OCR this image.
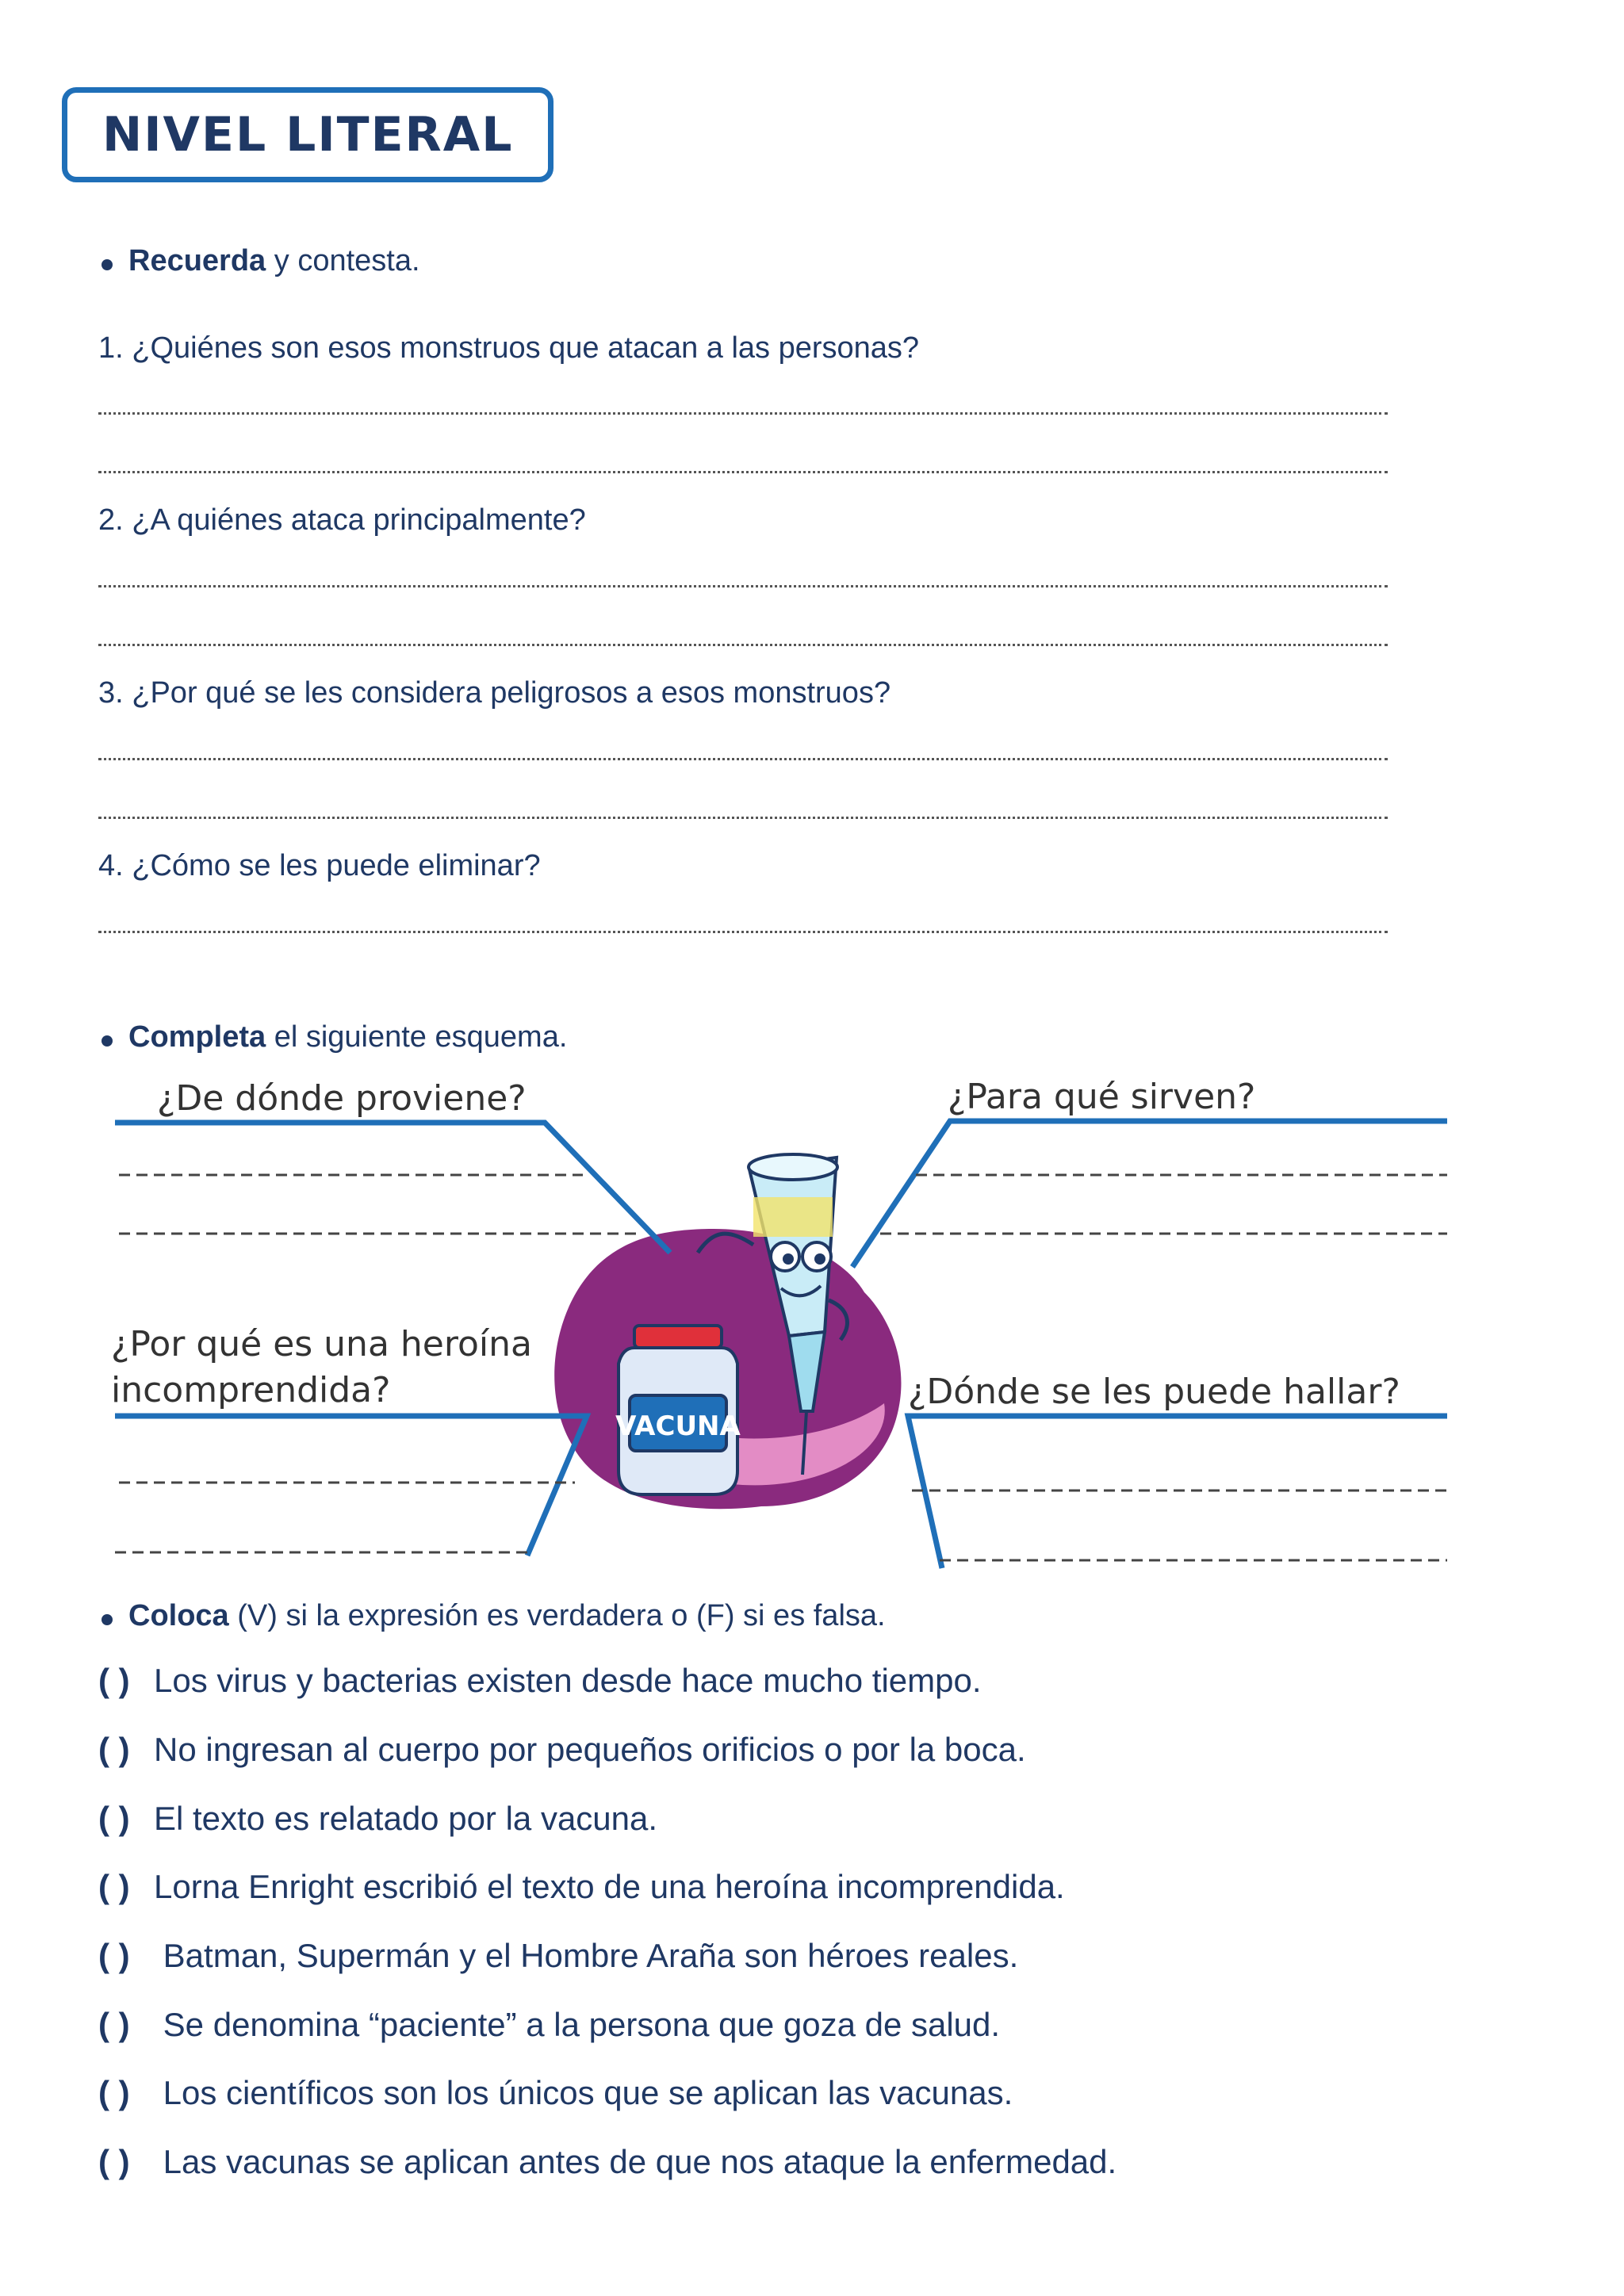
NIVEL LITERAL
Recuerda y contesta.
1. ¿Quiénes son esos monstruos que atacan a las personas?
2. ¿A quiénes ataca principalmente?
3. ¿Por qué se les considera peligrosos a esos monstruos?
4. ¿Cómo se les puede eliminar?
Completa el siguiente esquema.
VACUNA
¿De dónde proviene?	¿Para qué sirven?
¿Por qué es una heroína
incomprendida?	¿Dónde se les puede hallar?
Coloca (V) si la expresión es verdadera o (F) si es falsa.
( ) Los virus y bacterias existen desde hace mucho tiempo.
( ) No ingresan al cuerpo por pequeños orificios o por la boca.
( ) El texto es relatado por la vacuna.
( ) Lorna Enright escribió el texto de una heroína incomprendida.
( ) Batman, Supermán y el Hombre Araña son héroes reales.
( ) Se denomina “paciente” a la persona que goza de salud.
( ) Los científicos son los únicos que se aplican las vacunas.
( ) Las vacunas se aplican antes de que nos ataque la enfermedad.
